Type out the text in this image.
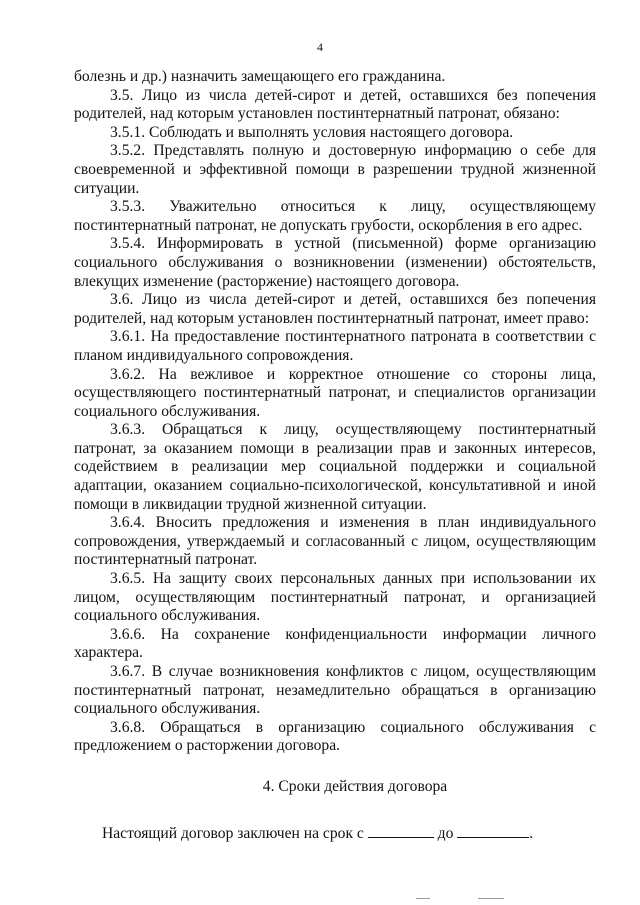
4

болезнь и др.) назначить замещающего его гражданина.

3.5. Лицо из числа детей-сирот и детей, оставшихся без попечения родителей, над которым установлен постинтернатный патронат, обязано:

3.5.1. Соблюдать и выполнять условия настоящего договора.

3.5.2. Представлять полную и достоверную информацию о себе для своевременной и эффективной помощи в разрешении трудной жизненной ситуации.

3.5.3. Уважительно относиться к лицу, осуществляющему постинтернатный патронат, не допускать грубости, оскорбления в его адрес.

3.5.4. Информировать в устной (письменной) форме организацию социального обслуживания о возникновении (изменении) обстоятельств, влекущих изменение (расторжение) настоящего договора.

3.6. Лицо из числа детей-сирот и детей, оставшихся без попечения родителей, над которым установлен постинтернатный патронат, имеет право:

3.6.1. На предоставление постинтернатного патроната в соответствии с планом индивидуального сопровождения.

3.6.2. На вежливое и корректное отношение со стороны лица, осуществляющего постинтернатный патронат, и специалистов организации социального обслуживания.

3.6.3. Обращаться к лицу, осуществляющему постинтернатный патронат, за оказанием помощи в реализации прав и законных интересов, содействием в реализации мер социальной поддержки и социальной адаптации, оказанием социально-психологической, консультативной и иной помощи в ликвидации трудной жизненной ситуации.

3.6.4. Вносить предложения и изменения в план индивидуального сопровождения, утверждаемый и согласованный с лицом, осуществляющим постинтернатный патронат.

3.6.5. На защиту своих персональных данных при использовании их лицом, осуществляющим постинтернатный патронат, и организацией социального обслуживания.

3.6.6. На сохранение конфиденциальности информации личного характера.

3.6.7. В случае возникновения конфликтов с лицом, осуществляющим постинтернатный патронат, незамедлительно обращаться в организацию социального обслуживания.

3.6.8. Обращаться в организацию социального обслуживания с предложением о расторжении договора.

4. Сроки действия договора

Настоящий договор заключен на срок с	до	.
